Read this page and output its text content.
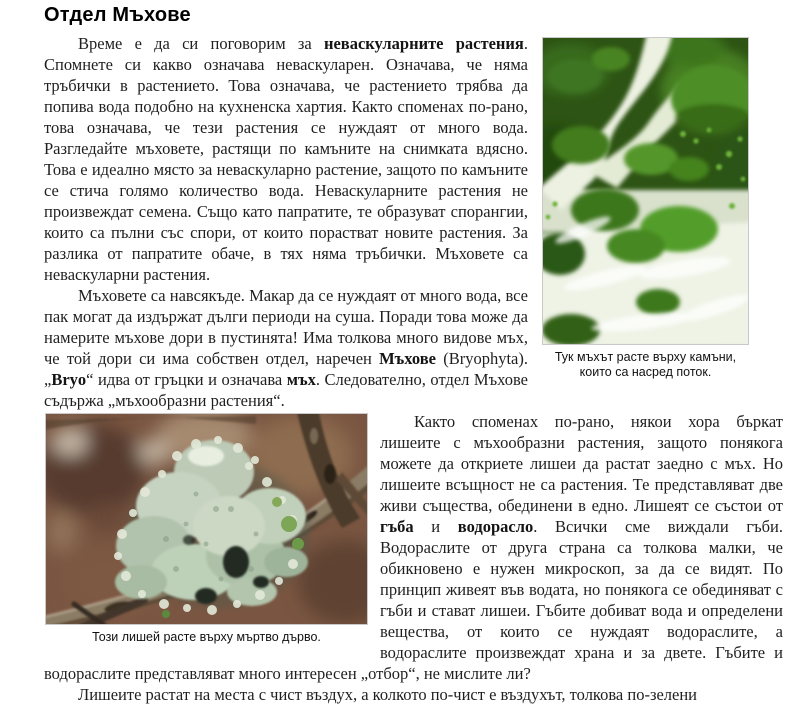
Отдел Мъхове
Тук мъхът расте върху камъни, които са насред поток.

Време е да си поговорим за неваскуларните растения. Спомнете си какво означава неваскуларен. Означава, че няма тръбички в растението. Това означава, че растението трябва да попива вода подобно на кухненска хартия. Както споменах по-рано, това означава, че тези растения се нуждаят от много вода. Разгледайте мъховете, растящи по камъните на снимката вдясно. Това е идеално място за неваскуларно растение, защото по камъните се стича голямо количество вода. Неваскуларните растения не произвеждат семена. Също като папратите, те образуват спорангии, които са пълни със спори, от които порастват новите растения. За разлика от папратите обаче, в тях няма тръбички. Мъховете са неваскуларни растения.

Мъховете са навсякъде. Макар да се нуждаят от много вода, все пак могат да издържат дълги периоди на суша. Поради това може да намерите мъхове дори в пустинята! Има толкова много видове мъх, че той дори си има собствен отдел, наречен Мъхове (Bryophyta). „Bryo“ идва от гръцки и означава мъх. Следователно, отдел Мъхове съдържа „мъхообразни растения“.

Този лишей расте върху мъртво дърво.

Както споменах по-рано, някои хора бъркат лишеите с мъхообразни растения, защото понякога можете да откриете лишеи да растат заедно с мъх. Но лишеите всъщност не са растения. Те представляват две живи същества, обединени в едно. Лишеят се състои от гъба и водорасло. Всички сме виждали гъби. Водораслите от друга страна са толкова малки, че обикновено е нужен микроскоп, за да се видят. По принцип живеят във водата, но понякога се обединяват с гъби и стават лишеи. Гъбите добиват вода и определени вещества, от които се нуждаят водораслите, а водораслите произвеждат храна и за двете. Гъбите и водораслите представляват много интересен „отбор“, не мислите ли?

Лишеите растат на места с чист въздух, а колкото по-чист е въздухът, толкова по-зелени
